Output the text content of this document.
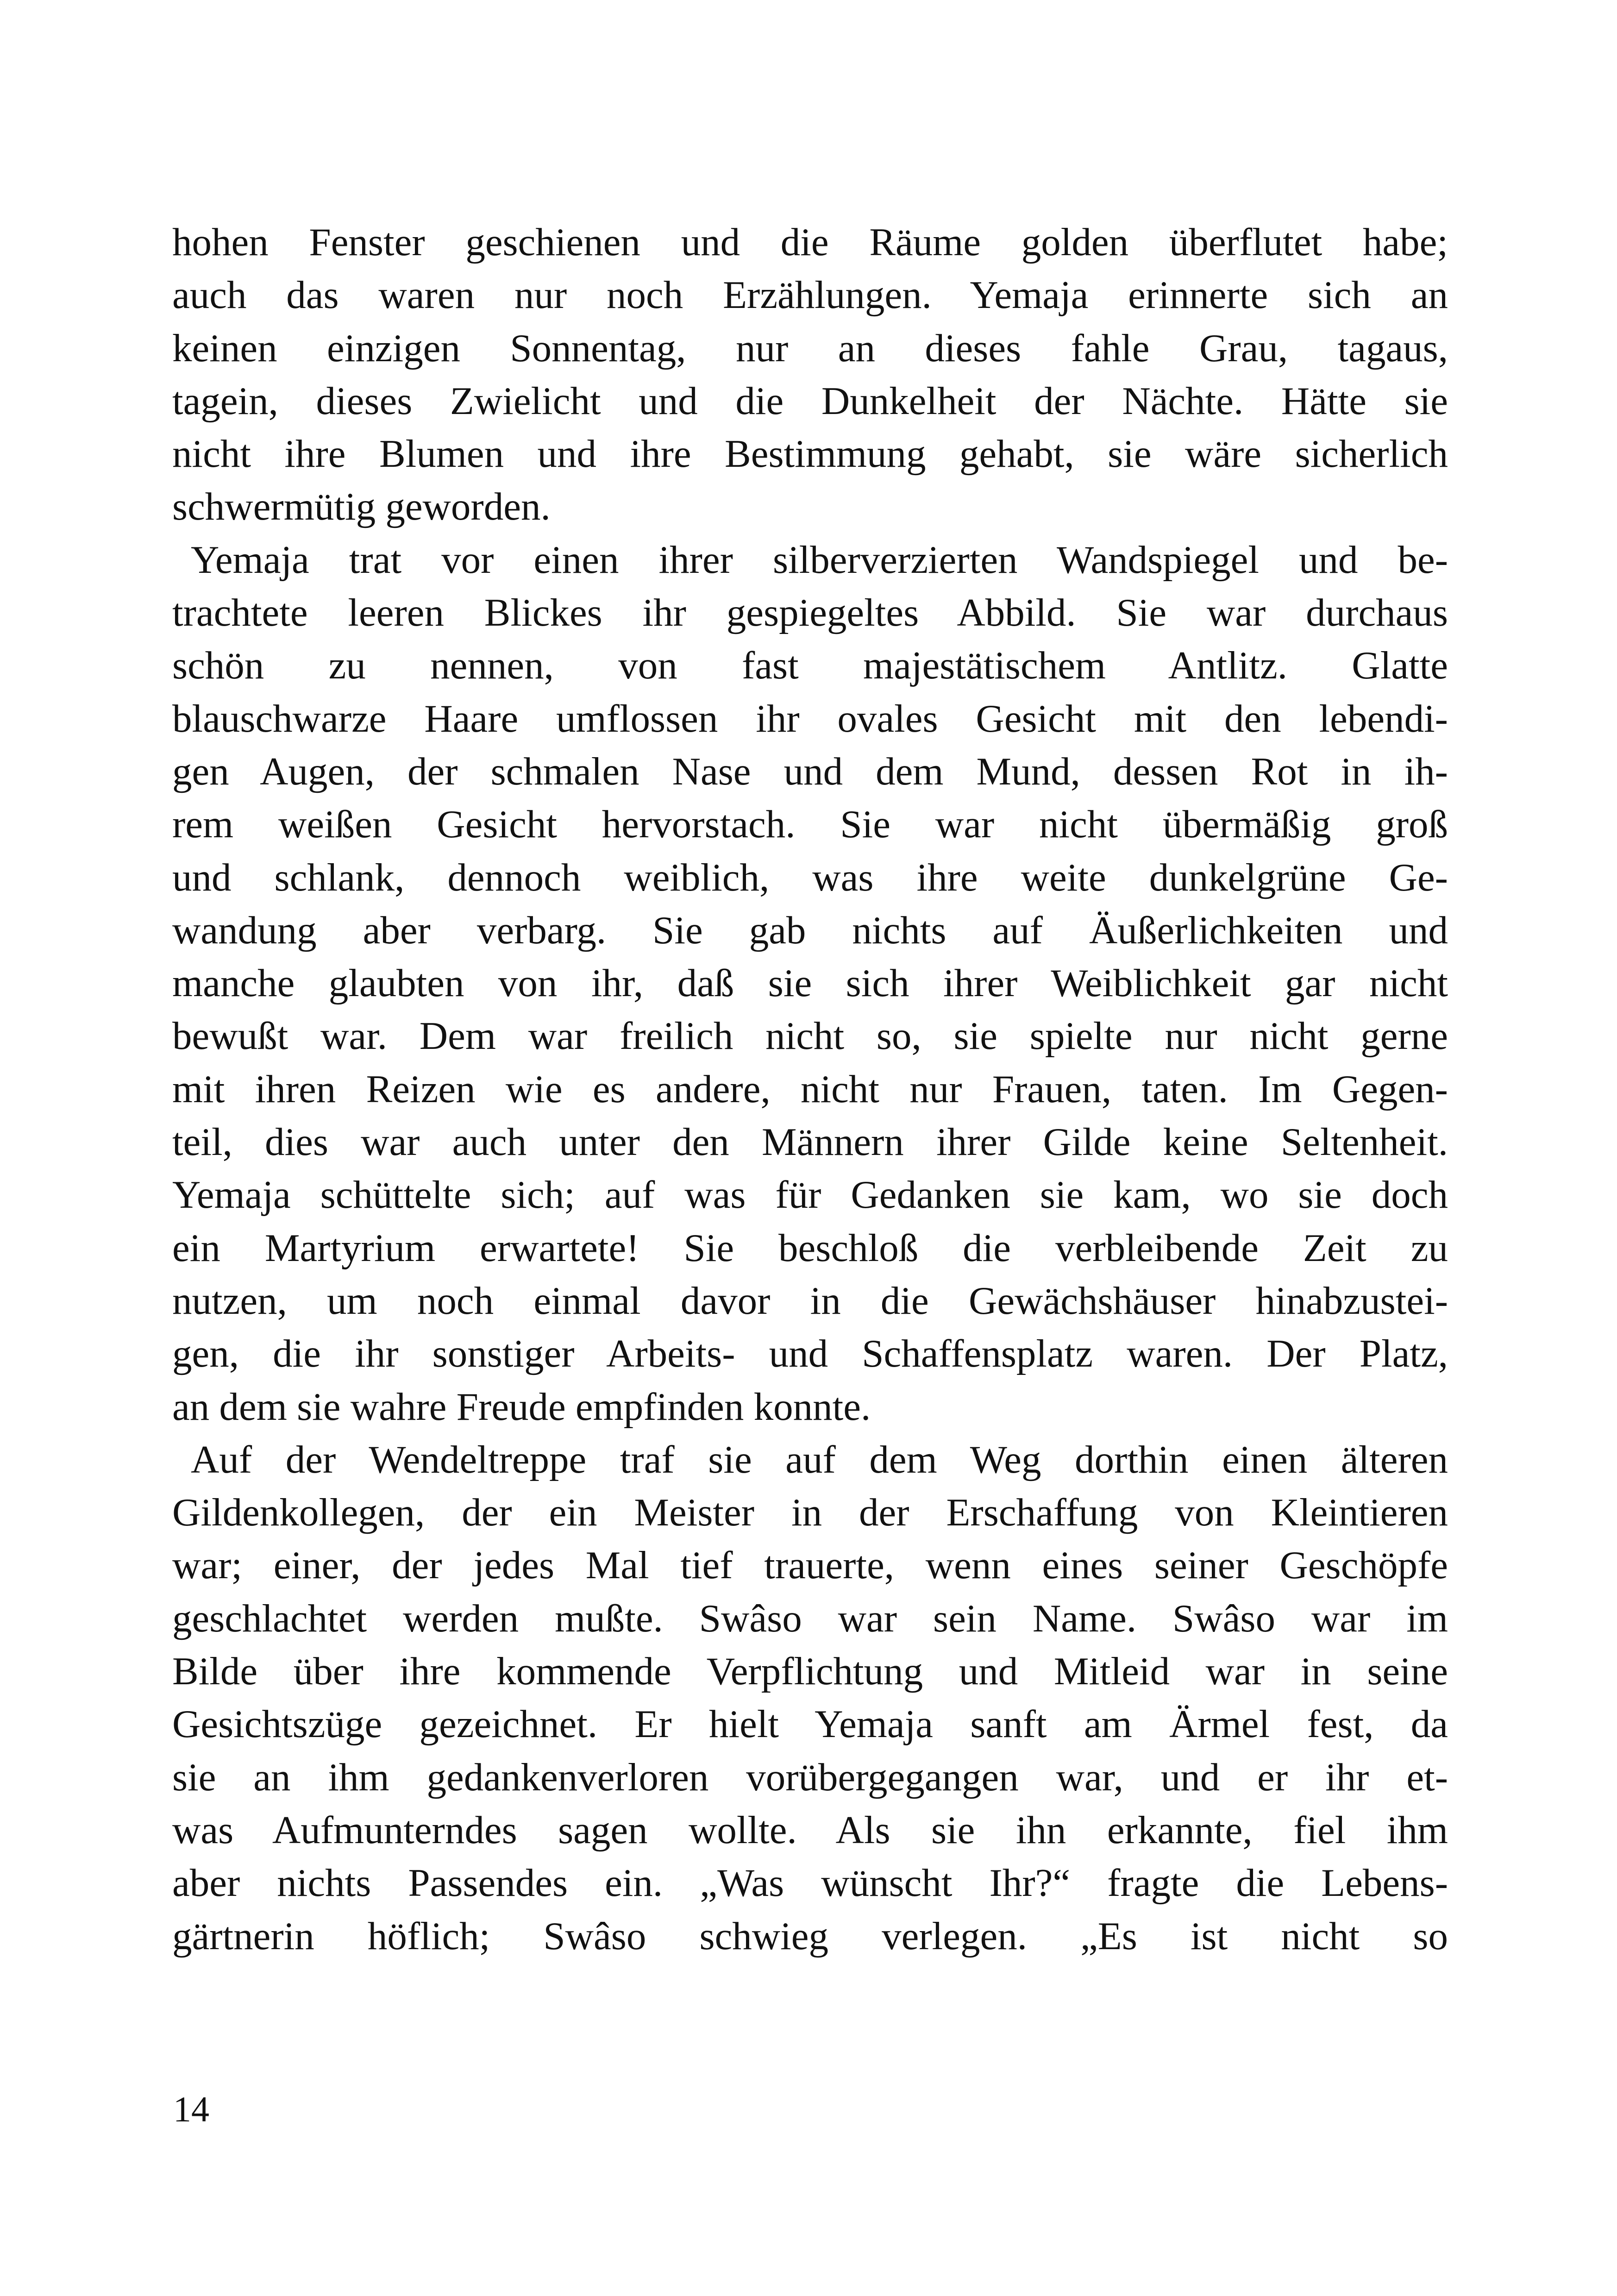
hohen Fenster geschienen und die Räume golden überflutet habe;
auch das waren nur noch Erzählungen. Yemaja erinnerte sich an
keinen einzigen Sonnentag, nur an dieses fahle Grau, tagaus,
tagein, dieses Zwielicht und die Dunkelheit der Nächte. Hätte sie
nicht ihre Blumen und ihre Bestimmung gehabt, sie wäre sicherlich
schwermütig geworden.
Yemaja trat vor einen ihrer silberverzierten Wandspiegel und be-
trachtete leeren Blickes ihr gespiegeltes Abbild. Sie war durchaus
schön zu nennen, von fast majestätischem Antlitz. Glatte
blauschwarze Haare umflossen ihr ovales Gesicht mit den lebendi-
gen Augen, der schmalen Nase und dem Mund, dessen Rot in ih-
rem weißen Gesicht hervorstach. Sie war nicht übermäßig groß
und schlank, dennoch weiblich, was ihre weite dunkelgrüne Ge-
wandung aber verbarg. Sie gab nichts auf Äußerlichkeiten und
manche glaubten von ihr, daß sie sich ihrer Weiblichkeit gar nicht
bewußt war. Dem war freilich nicht so, sie spielte nur nicht gerne
mit ihren Reizen wie es andere, nicht nur Frauen, taten. Im Gegen-
teil, dies war auch unter den Männern ihrer Gilde keine Seltenheit.
Yemaja schüttelte sich; auf was für Gedanken sie kam, wo sie doch
ein Martyrium erwartete! Sie beschloß die verbleibende Zeit zu
nutzen, um noch einmal davor in die Gewächshäuser hinabzustei-
gen, die ihr sonstiger Arbeits- und Schaffensplatz waren. Der Platz,
an dem sie wahre Freude empfinden konnte.
Auf der Wendeltreppe traf sie auf dem Weg dorthin einen älteren
Gildenkollegen, der ein Meister in der Erschaffung von Kleintieren
war; einer, der jedes Mal tief trauerte, wenn eines seiner Geschöpfe
geschlachtet werden mußte. Swâso war sein Name. Swâso war im
Bilde über ihre kommende Verpflichtung und Mitleid war in seine
Gesichtszüge gezeichnet. Er hielt Yemaja sanft am Ärmel fest, da
sie an ihm gedankenverloren vorübergegangen war, und er ihr et-
was Aufmunterndes sagen wollte. Als sie ihn erkannte, fiel ihm
aber nichts Passendes ein. „Was wünscht Ihr?“ fragte die Lebens-
gärtnerin höflich; Swâso schwieg verlegen. „Es ist nicht so
14
